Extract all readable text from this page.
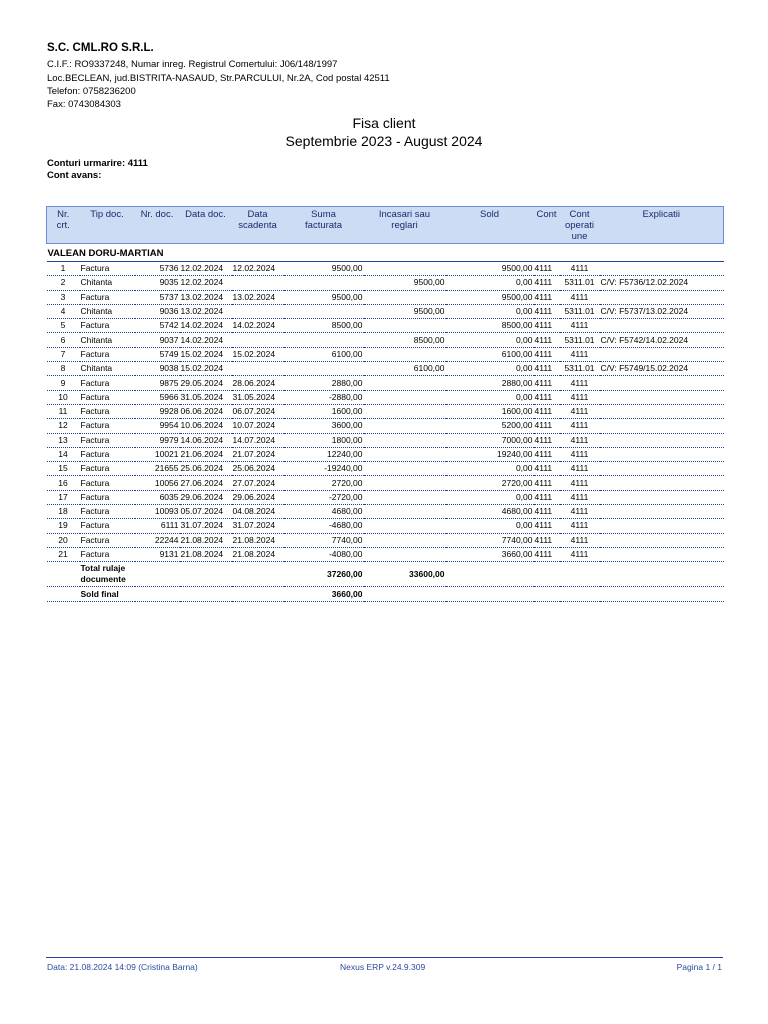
S.C. CML.RO S.R.L.
C.I.F.: RO9337248, Numar inreg. Registrul Comertului: J06/148/1997
Loc.BECLEAN, jud.BISTRITA-NASAUD, Str.PARCULUI, Nr.2A, Cod postal 42511
Telefon: 0758236200
Fax: 0743084303
Fisa client
Septembrie 2023 - August 2024
Conturi urmarire: 4111
Cont avans:
Nr.
crt.	Tip doc.	Nr. doc.	Data doc.	Data
scadenta	Suma
facturata	Incasari sau
reglari	Sold	Cont	Cont
operati
une	Explicatii
VALEAN DORU-MARTIAN										
1	Factura	5736	12.02.2024	12.02.2024	9500,00		9500,00	4111	4111	
2	Chitanta	9035	12.02.2024			9500,00	0,00	4111	5311.01	C/V: F5736/12.02.2024
3	Factura	5737	13.02.2024	13.02.2024	9500,00		9500,00	4111	4111	
4	Chitanta	9036	13.02.2024			9500,00	0,00	4111	5311.01	C/V: F5737/13.02.2024
5	Factura	5742	14.02.2024	14.02.2024	8500,00		8500,00	4111	4111	
6	Chitanta	9037	14.02.2024			8500,00	0,00	4111	5311.01	C/V: F5742/14.02.2024
7	Factura	5749	15.02.2024	15.02.2024	6100,00		6100,00	4111	4111	
8	Chitanta	9038	15.02.2024			6100,00	0,00	4111	5311.01	C/V: F5749/15.02.2024
9	Factura	9875	29.05.2024	28.06.2024	2880,00		2880,00	4111	4111	
10	Factura	5966	31.05.2024	31.05.2024	-2880,00		0,00	4111	4111	
11	Factura	9928	06.06.2024	06.07.2024	1600,00		1600,00	4111	4111	
12	Factura	9954	10.06.2024	10.07.2024	3600,00		5200,00	4111	4111	
13	Factura	9979	14.06.2024	14.07.2024	1800,00		7000,00	4111	4111	
14	Factura	10021	21.06.2024	21.07.2024	12240,00		19240,00	4111	4111	
15	Factura	21655	25.06.2024	25.06.2024	-19240,00		0,00	4111	4111	
16	Factura	10056	27.06.2024	27.07.2024	2720,00		2720,00	4111	4111	
17	Factura	6035	29.06.2024	29.06.2024	-2720,00		0,00	4111	4111	
18	Factura	10093	05.07.2024	04.08.2024	4680,00		4680,00	4111	4111	
19	Factura	6111	31.07.2024	31.07.2024	-4680,00		0,00	4111	4111	
20	Factura	22244	21.08.2024	21.08.2024	7740,00		7740,00	4111	4111	
21	Factura	9131	21.08.2024	21.08.2024	-4080,00		3660,00	4111	4111	
	Total rulaje
documente				37260,00	33600,00				
	Sold final				3660,00					
Data: 21.08.2024 14:09 (Cristina Barna)	Nexus ERP v.24.9.309	Pagina 1 / 1
